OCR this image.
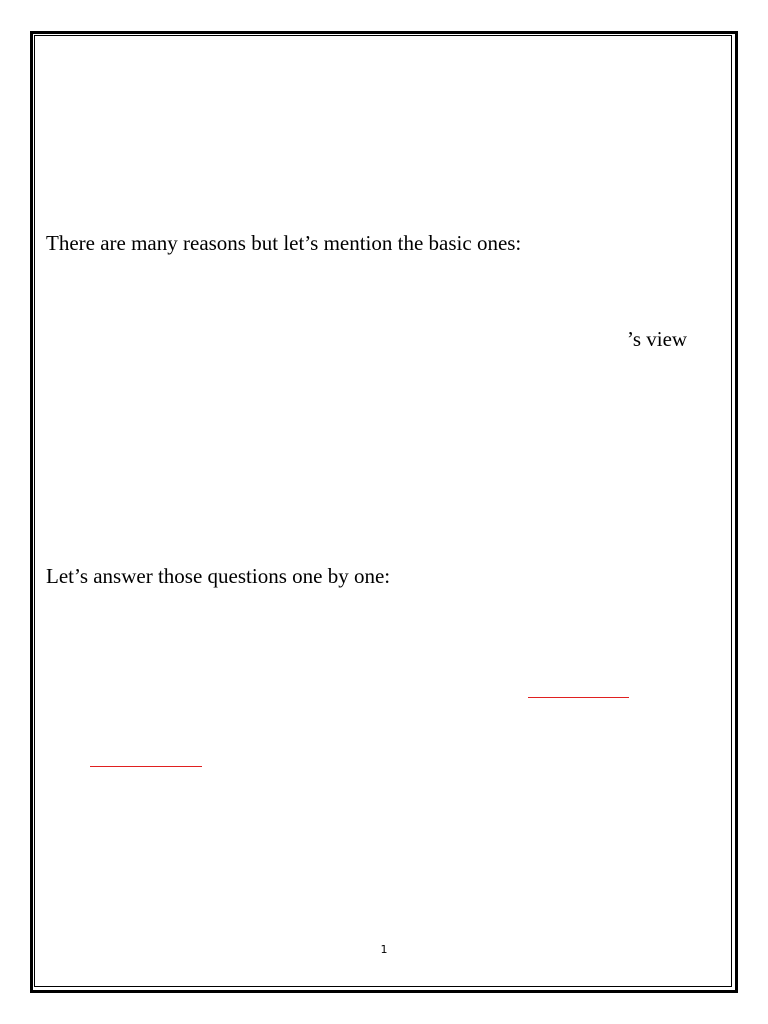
There are many reasons but let’s mention the basic ones:

’s view

Let’s answer those questions one by one:

1
